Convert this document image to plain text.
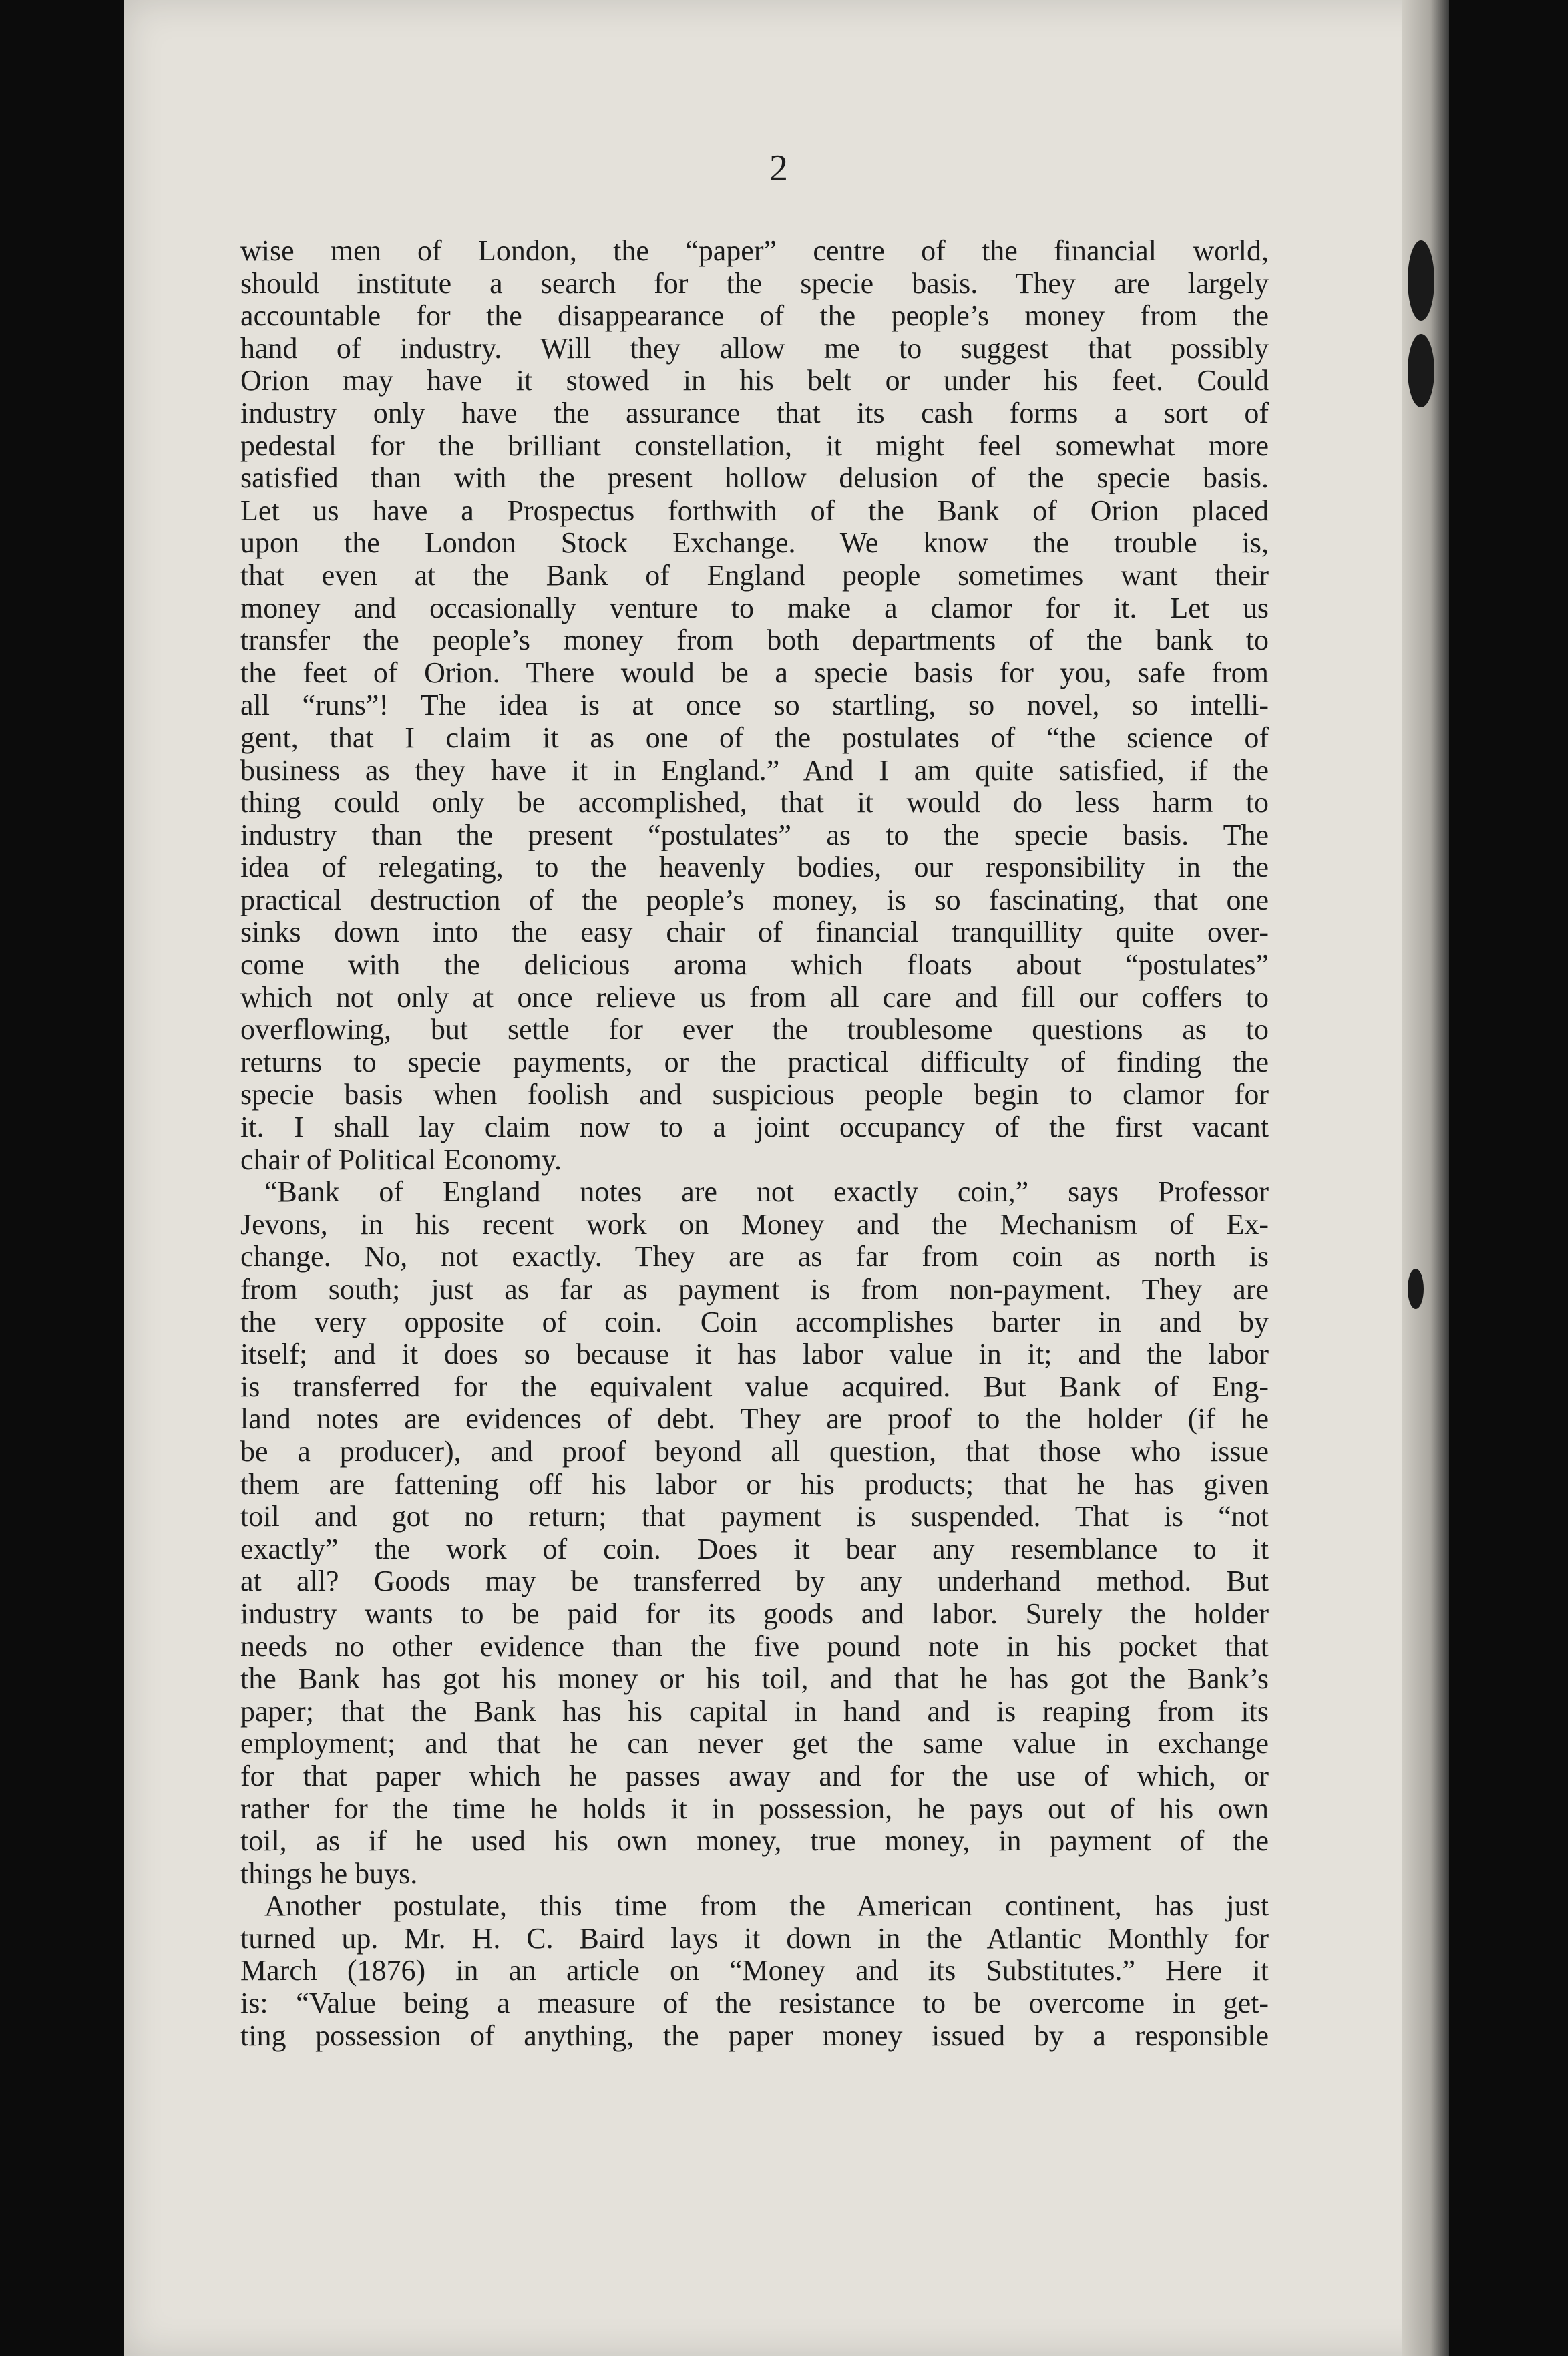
2
wise men of London, the “paper” centre of the financial world,
should institute a search for the specie basis. They are largely
accountable for the disappearance of the people’s money from the
hand of industry. Will they allow me to suggest that possibly
Orion may have it stowed in his belt or under his feet. Could
industry only have the assurance that its cash forms a sort of
pedestal for the brilliant constellation, it might feel somewhat more
satisfied than with the present hollow delusion of the specie basis.
Let us have a Prospectus forthwith of the Bank of Orion placed
upon the London Stock Exchange. We know the trouble is,
that even at the Bank of England people sometimes want their
money and occasionally venture to make a clamor for it. Let us
transfer the people’s money from both departments of the bank to
the feet of Orion. There would be a specie basis for you, safe from
all “runs”! The idea is at once so startling, so novel, so intelli-
gent, that I claim it as one of the postulates of “the science of
business as they have it in England.” And I am quite satisfied, if the
thing could only be accomplished, that it would do less harm to
industry than the present “postulates” as to the specie basis. The
idea of relegating, to the heavenly bodies, our responsibility in the
practical destruction of the people’s money, is so fascinating, that one
sinks down into the easy chair of financial tranquillity quite over-
come with the delicious aroma which floats about “postulates”
which not only at once relieve us from all care and fill our coffers to
overflowing, but settle for ever the troublesome questions as to
returns to specie payments, or the practical difficulty of finding the
specie basis when foolish and suspicious people begin to clamor for
it. I shall lay claim now to a joint occupancy of the first vacant
chair of Political Economy.
“Bank of England notes are not exactly coin,” says Professor
Jevons, in his recent work on Money and the Mechanism of Ex-
change. No, not exactly. They are as far from coin as north is
from south; just as far as payment is from non-payment. They are
the very opposite of coin. Coin accomplishes barter in and by
itself; and it does so because it has labor value in it; and the labor
is transferred for the equivalent value acquired. But Bank of Eng-
land notes are evidences of debt. They are proof to the holder (if he
be a producer), and proof beyond all question, that those who issue
them are fattening off his labor or his products; that he has given
toil and got no return; that payment is suspended. That is “not
exactly” the work of coin. Does it bear any resemblance to it
at all? Goods may be transferred by any underhand method. But
industry wants to be paid for its goods and labor. Surely the holder
needs no other evidence than the five pound note in his pocket that
the Bank has got his money or his toil, and that he has got the Bank’s
paper; that the Bank has his capital in hand and is reaping from its
employment; and that he can never get the same value in exchange
for that paper which he passes away and for the use of which, or
rather for the time he holds it in possession, he pays out of his own
toil, as if he used his own money, true money, in payment of the
things he buys.
Another postulate, this time from the American continent, has just
turned up. Mr. H. C. Baird lays it down in the Atlantic Monthly for
March (1876) in an article on “Money and its Substitutes.” Here it
is: “Value being a measure of the resistance to be overcome in get-
ting possession of anything, the paper money issued by a responsible
